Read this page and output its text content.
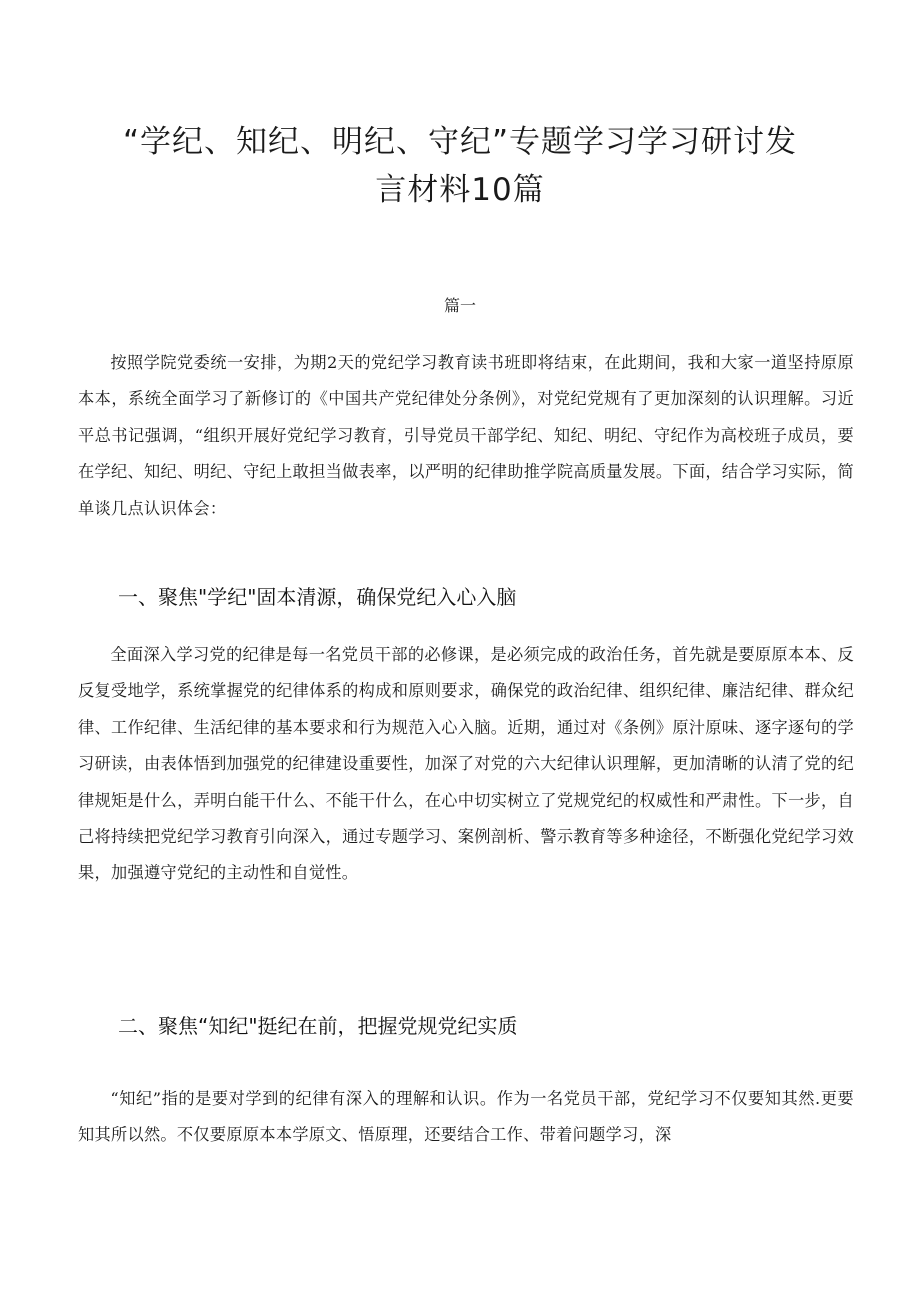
“学纪、知纪、明纪、守纪”专题学习学习研讨发
言材料10篇
篇一

按照学院党委统一安排，为期2天的党纪学习教育读书班即将结束，在此期间，我和大家一道坚持原原本本，系统全面学习了新修订的《中国共产党纪律处分条例》，对党纪党规有了更加深刻的认识理解。习近平总书记强调，“组织开展好党纪学习教育，引导党员干部学纪、知纪、明纪、守纪作为高校班子成员，要在学纪、知纪、明纪、守纪上敢担当做表率，以严明的纪律助推学院高质量发展。下面，结合学习实际，简单谈几点认识体会：

一、聚焦"学纪"固本清源，确保党纪入心入脑

全面深入学习党的纪律是每一名党员干部的必修课，是必须完成的政治任务，首先就是要原原本本、反反复受地学，系统掌握党的纪律体系的构成和原则要求，确保党的政治纪律、组织纪律、廉洁纪律、群众纪律、工作纪律、生活纪律的基本要求和行为规范入心入脑。近期，通过对《条例》原汁原味、逐字逐句的学习研读，由表体悟到加强党的纪律建设重要性，加深了对党的六大纪律认识理解，更加清晰的认清了党的纪律规矩是什么，弄明白能干什么、不能干什么，在心中切实树立了党规党纪的权威性和严肃性。下一步，自己将持续把党纪学习教育引向深入，通过专题学习、案例剖析、警示教育等多种途径，不断强化党纪学习效果，加强遵守党纪的主动性和自觉性。

二、聚焦“知纪"挺纪在前，把握党规党纪实质

“知纪”指的是要对学到的纪律有深入的理解和认识。作为一名党员干部，党纪学习不仅要知其然.更要知其所以然。不仅要原原本本学原文、悟原理，还要结合工作、带着问题学习，深
